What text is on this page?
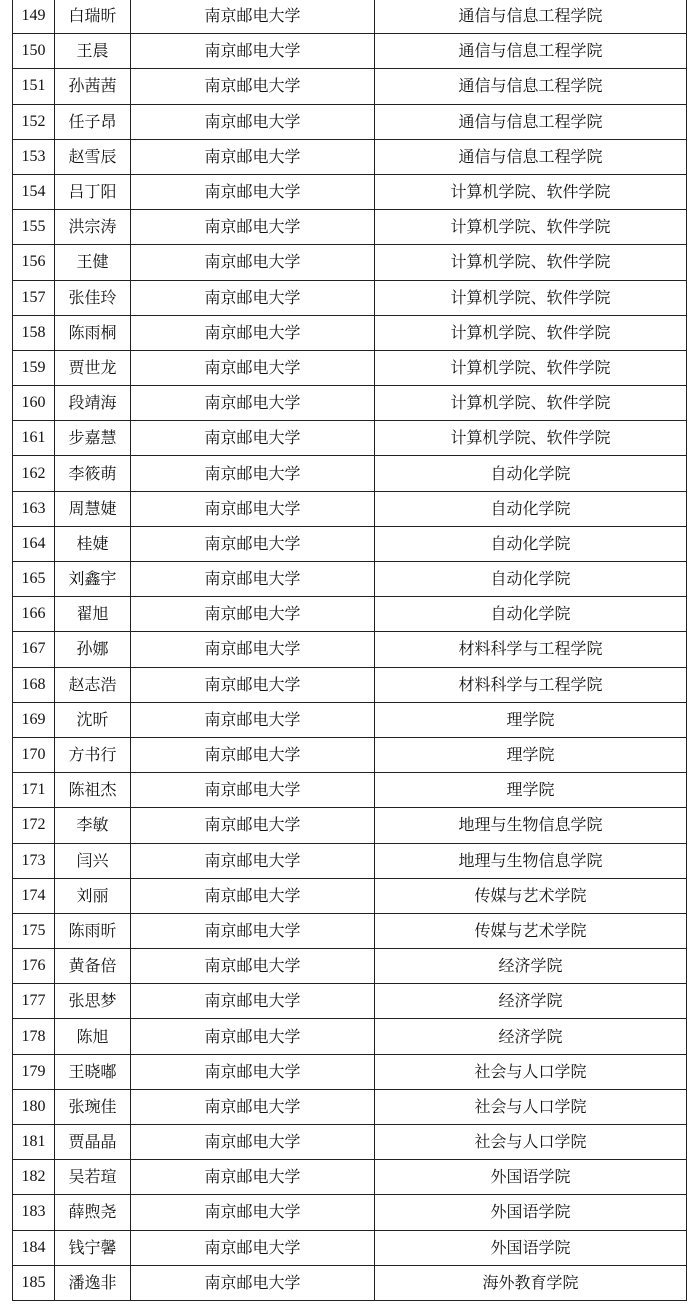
149	白瑞昕	南京邮电大学	通信与信息工程学院
150	王晨	南京邮电大学	通信与信息工程学院
151	孙茜茜	南京邮电大学	通信与信息工程学院
152	任子昂	南京邮电大学	通信与信息工程学院
153	赵雪辰	南京邮电大学	通信与信息工程学院
154	吕丁阳	南京邮电大学	计算机学院、软件学院
155	洪宗涛	南京邮电大学	计算机学院、软件学院
156	王健	南京邮电大学	计算机学院、软件学院
157	张佳玲	南京邮电大学	计算机学院、软件学院
158	陈雨桐	南京邮电大学	计算机学院、软件学院
159	贾世龙	南京邮电大学	计算机学院、软件学院
160	段靖海	南京邮电大学	计算机学院、软件学院
161	步嘉慧	南京邮电大学	计算机学院、软件学院
162	李筱萌	南京邮电大学	自动化学院
163	周慧婕	南京邮电大学	自动化学院
164	桂婕	南京邮电大学	自动化学院
165	刘鑫宇	南京邮电大学	自动化学院
166	翟旭	南京邮电大学	自动化学院
167	孙娜	南京邮电大学	材料科学与工程学院
168	赵志浩	南京邮电大学	材料科学与工程学院
169	沈昕	南京邮电大学	理学院
170	方书行	南京邮电大学	理学院
171	陈祖杰	南京邮电大学	理学院
172	李敏	南京邮电大学	地理与生物信息学院
173	闫兴	南京邮电大学	地理与生物信息学院
174	刘丽	南京邮电大学	传媒与艺术学院
175	陈雨昕	南京邮电大学	传媒与艺术学院
176	黄备倍	南京邮电大学	经济学院
177	张思梦	南京邮电大学	经济学院
178	陈旭	南京邮电大学	经济学院
179	王晓嘟	南京邮电大学	社会与人口学院
180	张琬佳	南京邮电大学	社会与人口学院
181	贾晶晶	南京邮电大学	社会与人口学院
182	吴若瑄	南京邮电大学	外国语学院
183	薛煦尧	南京邮电大学	外国语学院
184	钱宁馨	南京邮电大学	外国语学院
185	潘逸非	南京邮电大学	海外教育学院
